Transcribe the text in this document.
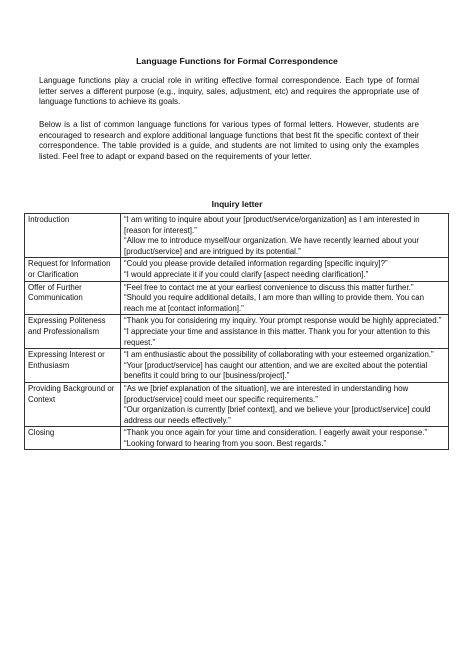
Language Functions for Formal Correspondence
Language functions play a crucial role in writing effective formal correspondence. Each type of formal letter serves a different purpose (e.g., inquiry, sales, adjustment, etc) and requires the appropriate use of language functions to achieve its goals.
Below is a list of common language functions for various types of formal letters. However, students are encouraged to research and explore additional language functions that best fit the specific context of their correspondence. The table provided is a guide, and students are not limited to using only the examples listed. Feel free to adapt or expand based on the requirements of your letter.
Inquiry letter
Introduction	“I am writing to inquire about your [product/service/organization] as I am interested in [reason for interest].”
“Allow me to introduce myself/our organization. We have recently learned about your [product/service] and are intrigued by its potential.”

Request for Information or Clarification	“Could you please provide detailed information regarding [specific inquiry]?”
“I would appreciate it if you could clarify [aspect needing clarification].”

Offer of Further Communication	“Feel free to contact me at your earliest convenience to discuss this matter further.”
“Should you require additional details, I am more than willing to provide them. You can reach me at [contact information].”

Expressing Politeness and Professionalism	“Thank you for considering my inquiry. Your prompt response would be highly appreciated.”
“I appreciate your time and assistance in this matter. Thank you for your attention to this request.”

Expressing Interest or Enthusiasm	“I am enthusiastic about the possibility of collaborating with your esteemed organization.”
“Your [product/service] has caught our attention, and we are excited about the potential benefits it could bring to our [business/project].”

Providing Background or Context	“As we [brief explanation of the situation], we are interested in understanding how [product/service] could meet our specific requirements.”
“Our organization is currently [brief context], and we believe your [product/service] could address our needs effectively.”

Closing	“Thank you once again for your time and consideration. I eagerly await your response.”
“Looking forward to hearing from you soon. Best regards.”
